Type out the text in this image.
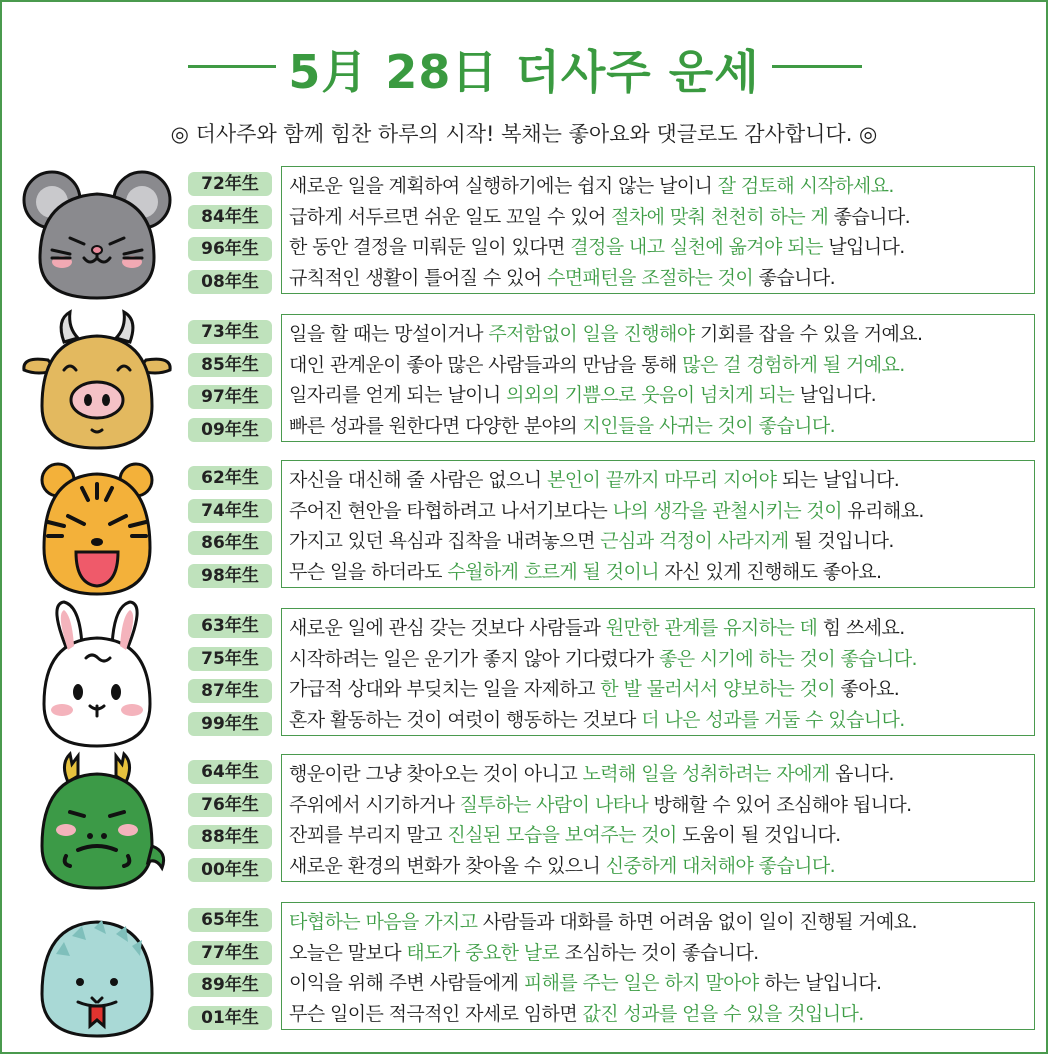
5月 28日 더사주 운세
◎ 더사주와 함께 힘찬 하루의 시작! 복채는 좋아요와 댓글로도 감사합니다. ◎
72年生
84年生
96年生
08年生
새로운 일을 계획하여 실행하기에는 쉽지 않는 날이니 잘 검토해 시작하세요.
급하게 서두르면 쉬운 일도 꼬일 수 있어 절차에 맞춰 천천히 하는 게 좋습니다.
한 동안 결정을 미뤄둔 일이 있다면 결정을 내고 실천에 옮겨야 되는 날입니다.
규칙적인 생활이 틀어질 수 있어 수면패턴을 조절하는 것이 좋습니다.
73年生
85年生
97年生
09年生
일을 할 때는 망설이거나 주저함없이 일을 진행해야 기회를 잡을 수 있을 거예요.
대인 관계운이 좋아 많은 사람들과의 만남을 통해 많은 걸 경험하게 될 거예요.
일자리를 얻게 되는 날이니 의외의 기쁨으로 웃음이 넘치게 되는 날입니다.
빠른 성과를 원한다면 다양한 분야의 지인들을 사귀는 것이 좋습니다.
62年生
74年生
86年生
98年生
자신을 대신해 줄 사람은 없으니 본인이 끝까지 마무리 지어야 되는 날입니다.
주어진 현안을 타협하려고 나서기보다는 나의 생각을 관철시키는 것이 유리해요.
가지고 있던 욕심과 집착을 내려놓으면 근심과 걱정이 사라지게 될 것입니다.
무슨 일을 하더라도 수월하게 흐르게 될 것이니 자신 있게 진행해도 좋아요.
63年生
75年生
87年生
99年生
새로운 일에 관심 갖는 것보다 사람들과 원만한 관계를 유지하는 데 힘 쓰세요.
시작하려는 일은 운기가 좋지 않아 기다렸다가 좋은 시기에 하는 것이 좋습니다.
가급적 상대와 부딪치는 일을 자제하고 한 발 물러서서 양보하는 것이 좋아요.
혼자 활동하는 것이 여럿이 행동하는 것보다 더 나은 성과를 거둘 수 있습니다.
64年生
76年生
88年生
00年生
행운이란 그냥 찾아오는 것이 아니고 노력해 일을 성취하려는 자에게 옵니다.
주위에서 시기하거나 질투하는 사람이 나타나 방해할 수 있어 조심해야 됩니다.
잔꾀를 부리지 말고 진실된 모습을 보여주는 것이 도움이 될 것입니다.
새로운 환경의 변화가 찾아올 수 있으니 신중하게 대처해야 좋습니다.
65年生
77年生
89年生
01年生
타협하는 마음을 가지고 사람들과 대화를 하면 어려움 없이 일이 진행될 거예요.
오늘은 말보다 태도가 중요한 날로 조심하는 것이 좋습니다.
이익을 위해 주변 사람들에게 피해를 주는 일은 하지 말아야 하는 날입니다.
무슨 일이든 적극적인 자세로 임하면 값진 성과를 얻을 수 있을 것입니다.
